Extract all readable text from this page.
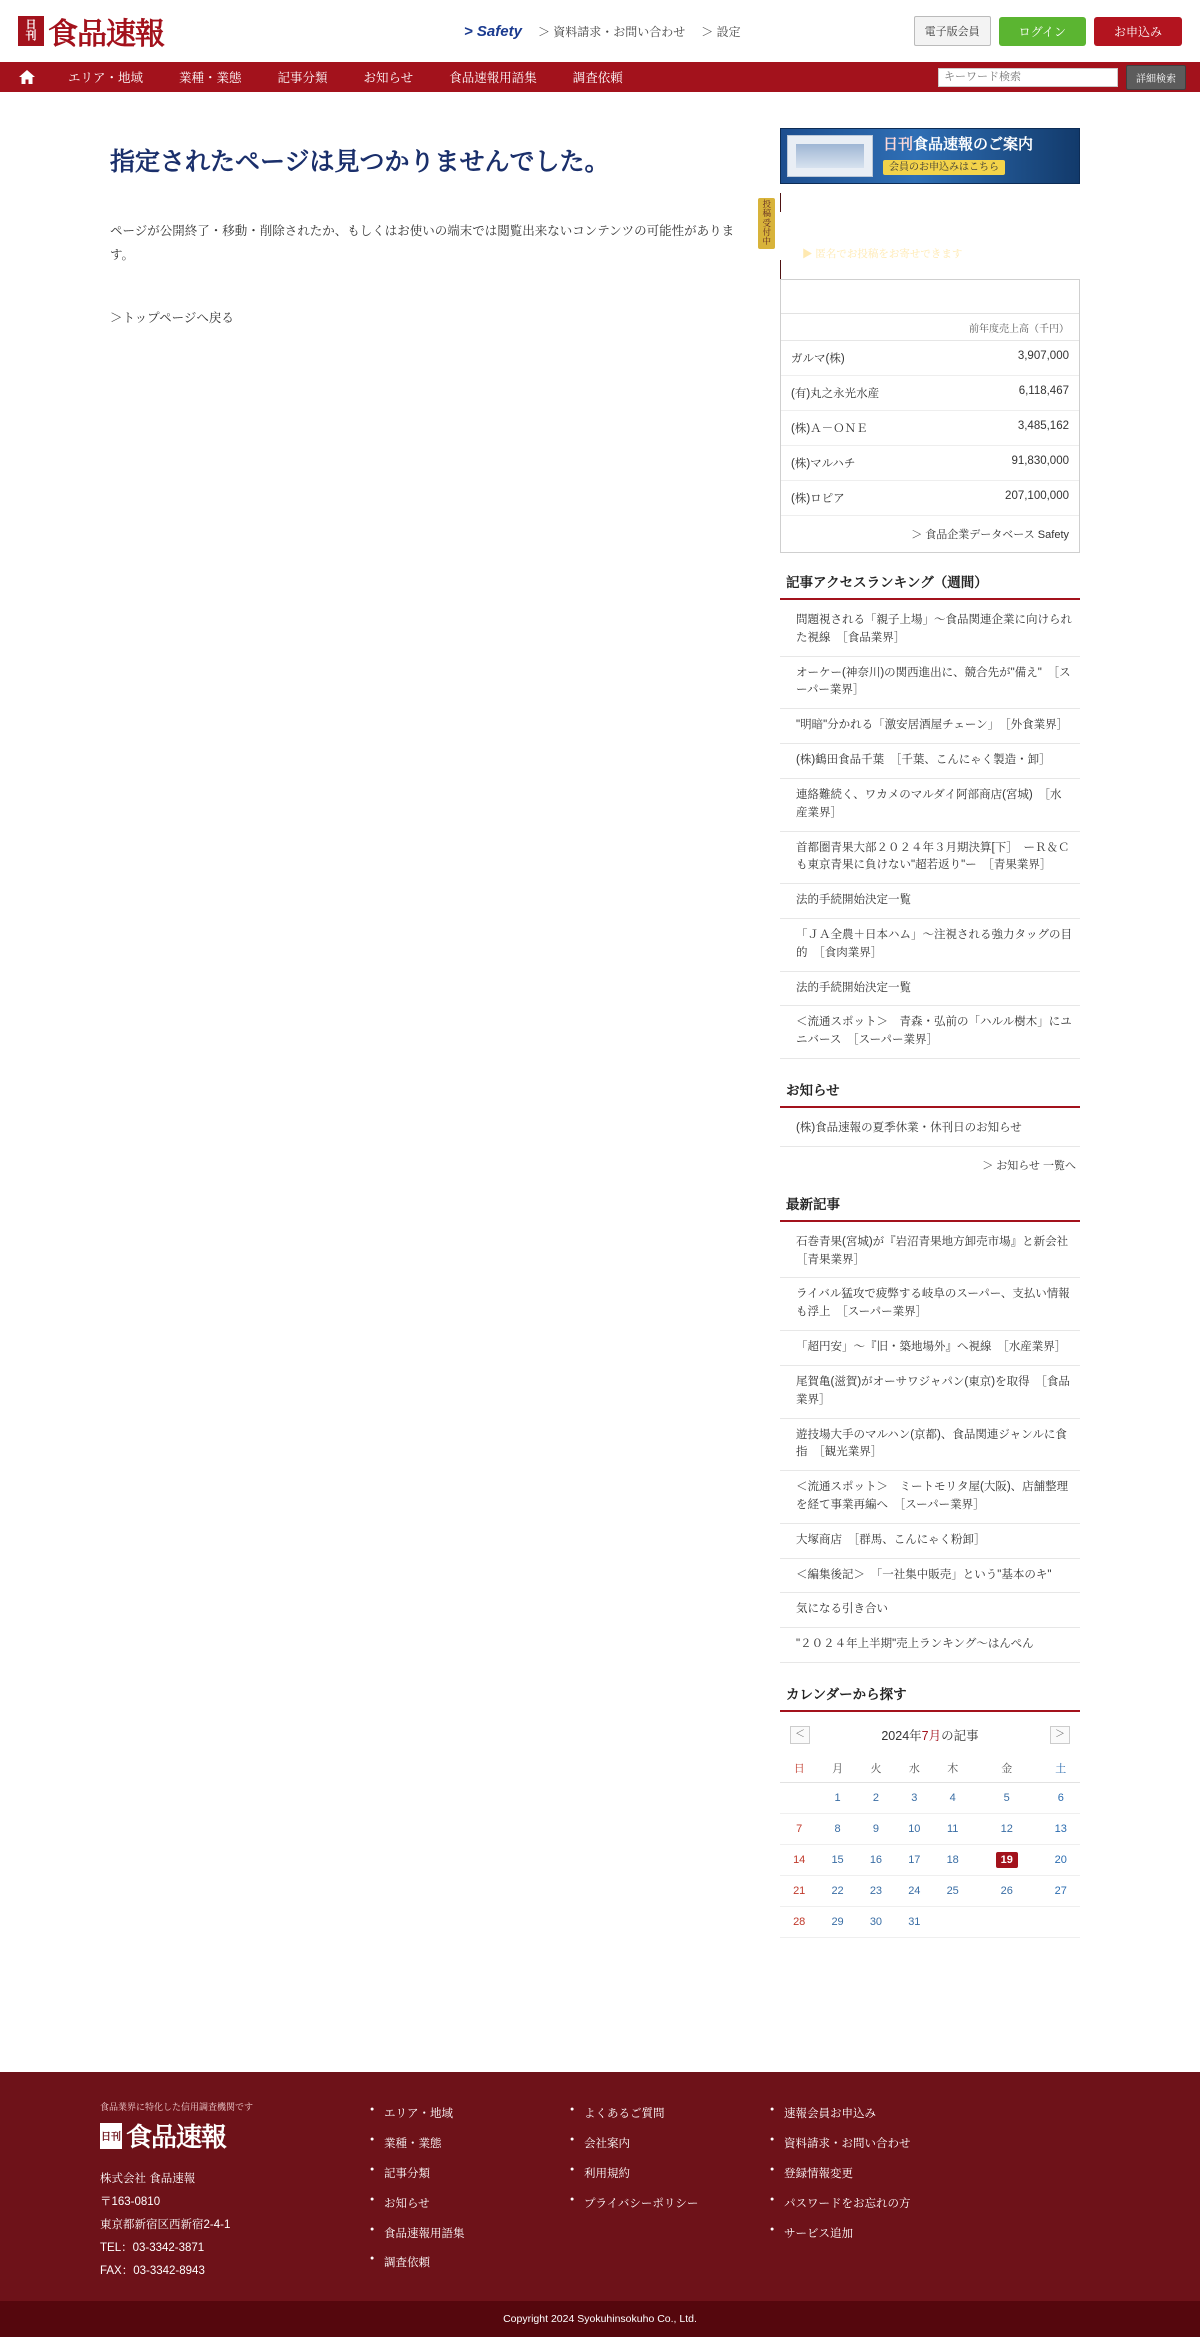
日刊 食品速報	> Safety ＞ 資料請求・お問い合わせ ＞ 設定	電子版会員	ログイン	お申込み
エリア・地域	業種・業態	記事分類	お知らせ	食品速報用語集	調査依頼
キーワード検索	詳細検索
指定されたページは見つかりませんでした。

ページが公開終了・移動・削除されたか、もしくはお使いの端末では閲覧出来ないコンテンツの可能性があります。

＞トップページへ戻る
日刊食品速報のご案内
会員のお申込みはこちら
情報提供　調査依頼
▶ 匿名でお投稿をお寄せできます
投稿
受付中
前年度売上高（千円）
ガルマ(株)	3,907,000
(有)丸之永光水産	6,118,467
(株)Ａ－ＯＮＥ	3,485,162
(株)マルハチ	91,830,000
(株)ロピア	207,100,000
＞ 食品企業データベース Safety
記事アクセスランキング（週間）
問題視される「親子上場」〜食品関連企業に向けられた視線　［食品業界］
オーケー(神奈川)の関西進出に、競合先が"備え"　［スーパー業界］
"明暗"分かれる「激安居酒屋チェーン」　［外食業界］
(株)鶴田食品千葉　［千葉、こんにゃく製造・卸］
連絡難続く、ワカメのマルダイ阿部商店(宮城)　［水産業界］
首都圏青果大部２０２４年３月期決算[下］　ーＲ＆Ｃも東京青果に負けない"超若返り"ー　［青果業界］
法的手続開始決定一覧
「ＪＡ全農＋日本ハム」〜注視される強力タッグの目的　［食肉業界］
法的手続開始決定一覧
＜流通スポット＞　青森・弘前の「ハルル樹木」にユニバース　［スーパー業界］
お知らせ
(株)食品速報の夏季休業・休刊日のお知らせ
＞ お知らせ 一覧へ
最新記事
石巻青果(宮城)が『岩沼青果地方卸売市場』と新会社　［青果業界］
ライバル猛攻で疲弊する岐阜のスーパー、支払い情報も浮上　［スーパー業界］
「超円安」〜『旧・築地場外』へ視線　［水産業界］
尾賀亀(滋賀)がオーサワジャパン(東京)を取得　［食品業界］
遊技場大手のマルハン(京都)、食品関連ジャンルに食指　［観光業界］
＜流通スポット＞　ミートモリタ屋(大阪)、店舗整理を経て事業再編へ　［スーパー業界］
大塚商店　［群馬、こんにゃく粉卸］
＜編集後記＞　「一社集中販売」という"基本のキ"
気になる引き合い
"２０２４年上半期"売上ランキング〜はんぺん
カレンダーから探す
＜	2024年7月の記事	＞
日	月	火	水	木	金	土
	1	2	3	4	5	6
7	8	9	10	11	12	13
14	15	16	17	18	19	20
21	22	23	24	25	26	27
28	29	30	31			
食品業界に特化した信用調査機関です
日刊 食品速報
株式会社 食品速報
〒163-0810
東京都新宿区西新宿2-4-1
TEL：03-3342-3871
FAX：03-3342-8943
● エリア・地域
● 業種・業態
● 記事分類
● お知らせ
● 食品速報用語集
● 調査依頼
● よくあるご質問
● 会社案内
● 利用規約
● プライバシーポリシー
● 速報会員お申込み
● 資料請求・お問い合わせ
● 登録情報変更
● パスワードをお忘れの方
● サービス追加
Copyright 2024 Syokuhinsokuho Co., Ltd.
